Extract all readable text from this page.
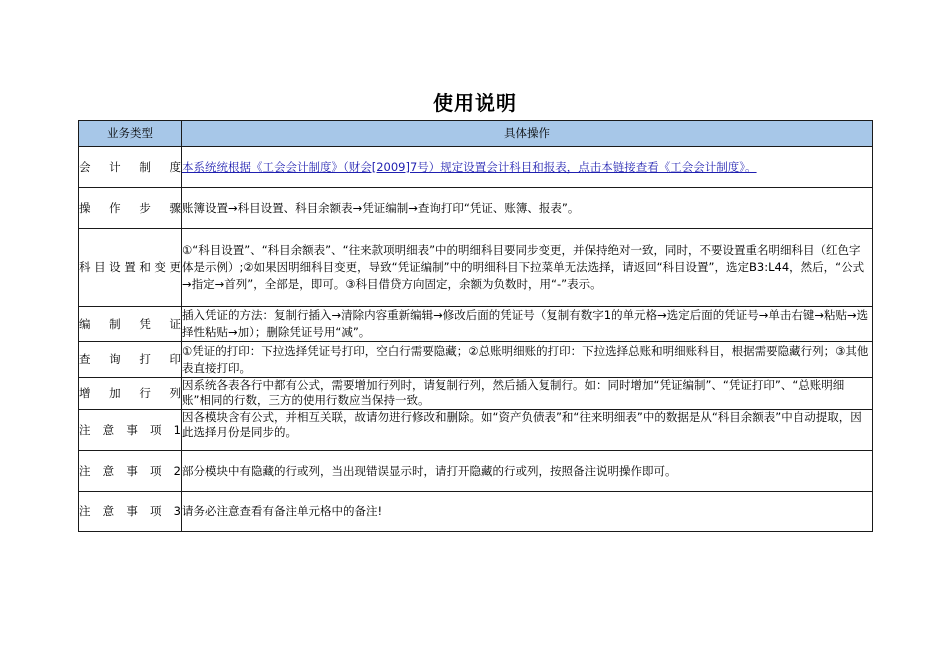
使用说明
业务类型	具体操作
会计制度	本系统统根据《工会会计制度》（财会[2009]7号）规定设置会计科目和报表，点击本链接查看《工会会计制度》。
操作步骤	账簿设置→科目设置、科目余额表→凭证编制→查询打印“凭证、账簿、报表”。
科目设置和变更	①“科目设置”、“科目余额表”、“往来款项明细表”中的明细科目要同步变更，并保持绝对一致，同时，不要设置重名明细科目（红色字体是示例）;②如果因明细科目变更，导致“凭证编制”中的明细科目下拉菜单无法选择，请返回“科目设置”，选定B3:L44，然后，“公式→指定→首列”，全部是，即可。③科目借贷方向固定，余额为负数时，用“-”表示。
编制凭证	插入凭证的方法：复制行插入→清除内容重新编辑→修改后面的凭证号（复制有数字1的单元格→选定后面的凭证号→单击右键→粘贴→选择性粘贴→加）；删除凭证号用“减”。
查询打印	①凭证的打印：下拉选择凭证号打印，空白行需要隐藏；②总账明细账的打印：下拉选择总账和明细账科目，根据需要隐藏行列；③其他表直接打印。
增加行列	因系统各表各行中都有公式，需要增加行列时，请复制行列，然后插入复制行。如：同时增加“凭证编制”、“凭证打印”、“总账明细账”相同的行数，三方的使用行数应当保持一致。
注意事项1	因各模块含有公式，并相互关联，故请勿进行修改和删除。如“资产负债表”和“往来明细表”中的数据是从“科目余额表”中自动提取，因此选择月份是同步的。
注意事项2	部分模块中有隐藏的行或列，当出现错误显示时，请打开隐藏的行或列，按照备注说明操作即可。
注意事项3	请务必注意查看有备注单元格中的备注!
